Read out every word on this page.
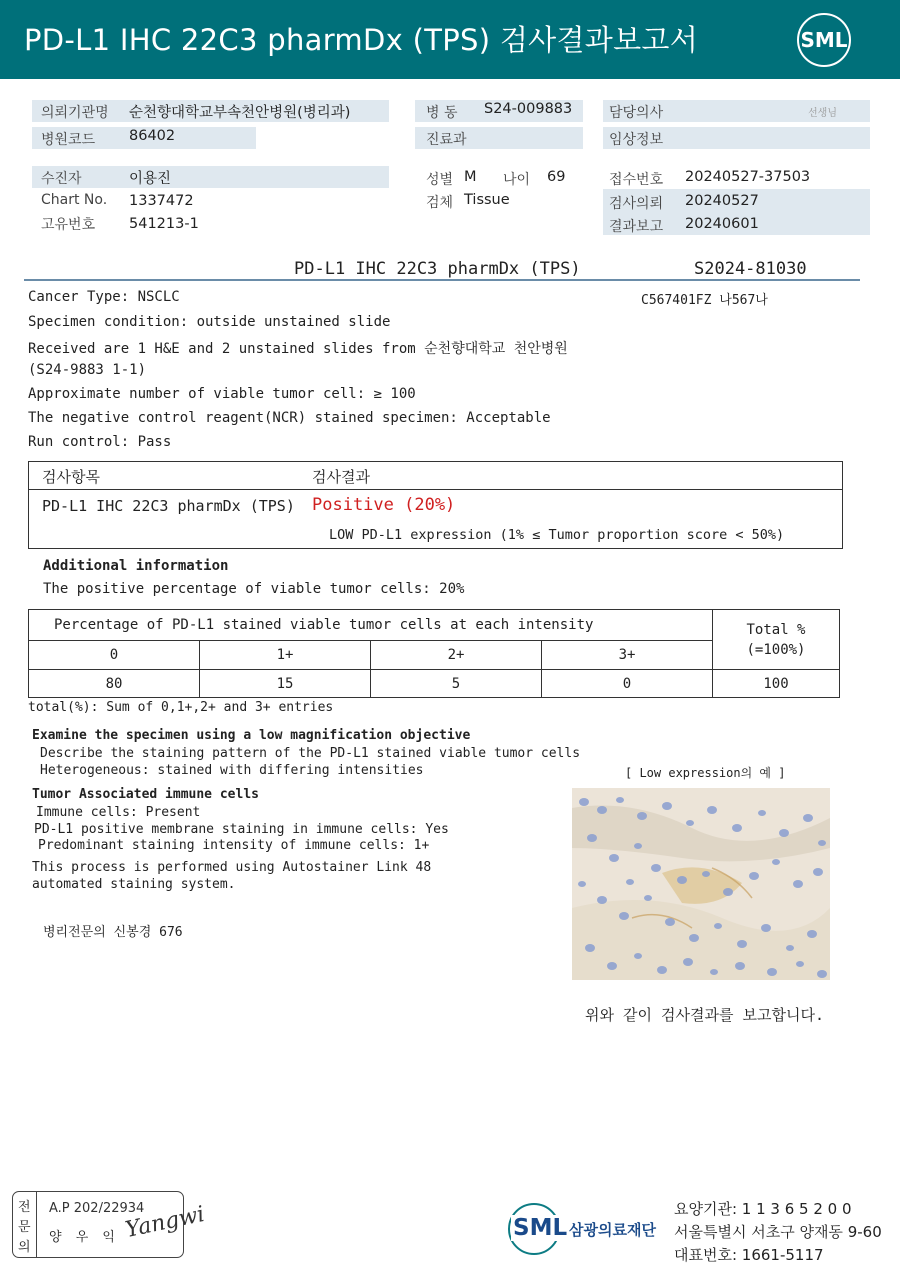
PD-L1 IHC 22C3 pharmDx (TPS) 검사결과보고서	SML
의뢰기관명 순천향대학교부속천안병원(병리과)
병원코드 86402
병 동 S24-009883
진료과
담당의사	선생님
임상정보
수진자	이용진
Chart No. 1337472
고유번호 541213-1
성별 M 나이 69
검체 Tissue
접수번호 20240527-37503
검사의뢰 20240527
결과보고 20240601
PD-L1 IHC 22C3 pharmDx (TPS)	S2024-81030
C567401FZ 나567나
Cancer Type: NSCLC
Specimen condition: outside unstained slide
Received are 1 H&E and 2 unstained slides from 순천향대학교 천안병원
(S24-9883 1-1)
Approximate number of viable tumor cell: ≥ 100
The negative control reagent(NCR) stained specimen: Acceptable
Run control: Pass
검사항목	검사결과
PD-L1 IHC 22C3 pharmDx (TPS) Positive (20%)
LOW PD-L1 expression (1% ≤ Tumor proportion score < 50%)
Additional information
The positive percentage of viable tumor cells: 20%
Percentage of PD-L1 stained viable tumor cells at each intensity				Total %
(=100%)

0	1+	2+	3+	
80	15	5	0	100
total(%): Sum of 0,1+,2+ and 3+ entries
Examine the specimen using a low magnification objective
Describe the staining pattern of the PD-L1 stained viable tumor cells
Heterogeneous: stained with differing intensities
Tumor Associated immune cells
Immune cells: Present
PD-L1 positive membrane staining in immune cells: Yes
Predominant staining intensity of immune cells: 1+
This process is performed using Autostainer Link 48
automated staining system.
병리전문의 신봉경 676
[ Low expression의 예 ]
위와 같이 검사결과를 보고합니다.
전
문
의
A.P 202/22934
양 우 익 Yangwi	SML 삼광의료재단
요양기관: 1 1 3 6 5 2 0 0
서울특별시 서초구 양재동 9-60
대표번호: 1661-5117
